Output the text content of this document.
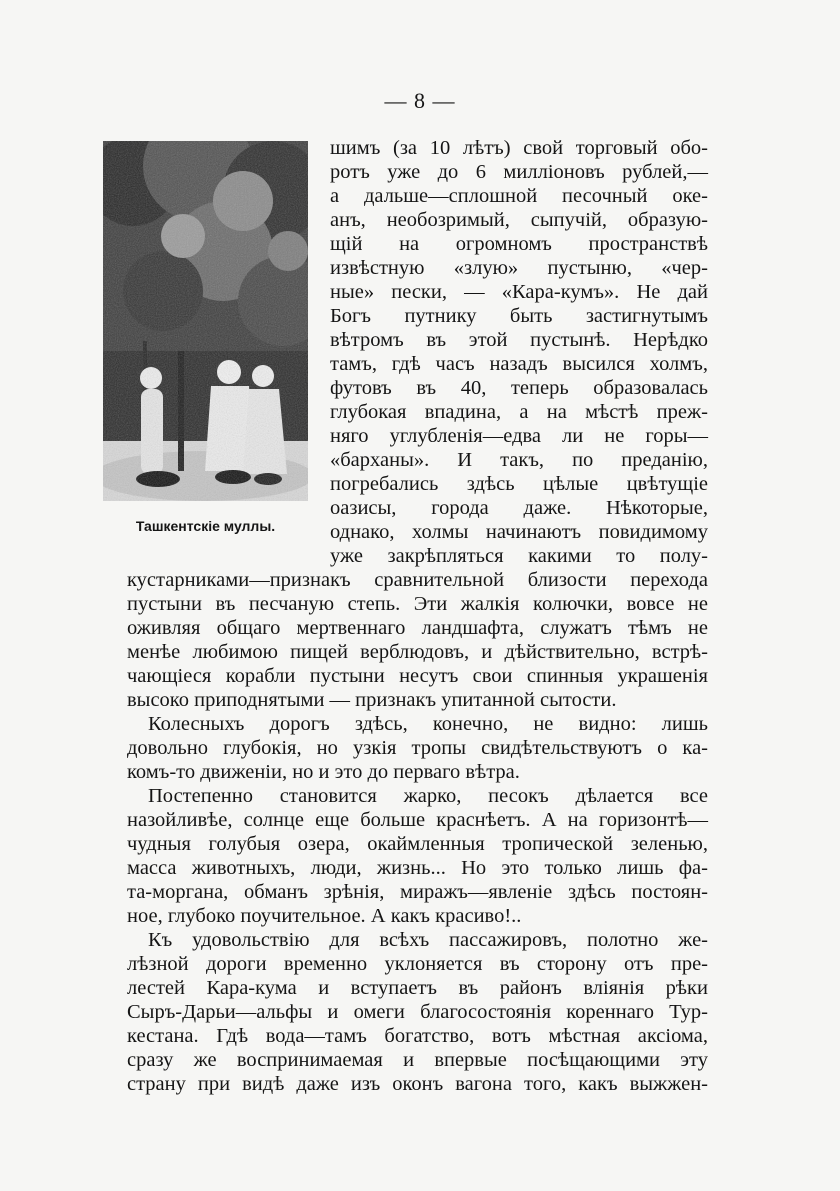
— 8 —
Ташкентскіе муллы.
шимъ (за 10 лѣтъ) свой торговый обо-
ротъ уже до 6 милліоновъ рублей,—
а дальше—сплошной песочный оке-
анъ, необозримый, сыпучій, образую-
щій на огромномъ пространствѣ
извѣстную «злую» пустыню, «чер-
ные» пески, — «Кара-кумъ». Не дай
Богъ путнику быть застигнутымъ
вѣтромъ въ этой пустынѣ. Нерѣдко
тамъ, гдѣ часъ назадъ высился холмъ,
футовъ въ 40, теперь образовалась
глубокая впадина, а на мѣстѣ преж-
няго углубленія—едва ли не горы—
«барханы». И такъ, по преданію,
погребались здѣсь цѣлые цвѣтущіе
оазисы, города даже. Нѣкоторые,
однако, холмы начинаютъ повидимому
уже закрѣпляться какими то полу-
кустарниками—признакъ сравнительной близости перехода
пустыни въ песчаную степь. Эти жалкія колючки, вовсе не
оживляя общаго мертвеннаго ландшафта, служатъ тѣмъ не
менѣе любимою пищей верблюдовъ, и дѣйствительно, встрѣ-
чающіеся корабли пустыни несутъ свои спинныя украшенія
высоко приподнятыми — признакъ упитанной сытости.
Колесныхъ дорогъ здѣсь, конечно, не видно: лишь
довольно глубокія, но узкія тропы свидѣтельствуютъ о ка-
комъ-то движеніи, но и это до перваго вѣтра.
Постепенно становится жарко, песокъ дѣлается все
назойливѣе, солнце еще больше краснѣетъ. А на горизонтѣ—
чудныя голубыя озера, окаймленныя тропической зеленью,
масса животныхъ, люди, жизнь... Но это только лишь фа-
та-моргана, обманъ зрѣнія, миражъ—явленіе здѣсь постоян-
ное, глубоко поучительное. А какъ красиво!..
Къ удовольствію для всѣхъ пассажировъ, полотно же-
лѣзной дороги временно уклоняется въ сторону отъ пре-
лестей Кара-кума и вступаетъ въ районъ вліянія рѣки
Сыръ-Дарьи—альфы и омеги благосостоянія кореннаго Тур-
кестана. Гдѣ вода—тамъ богатство, вотъ мѣстная аксіома,
сразу же воспринимаемая и впервые посѣщающими эту
страну при видѣ даже изъ оконъ вагона того, какъ выжжен-
